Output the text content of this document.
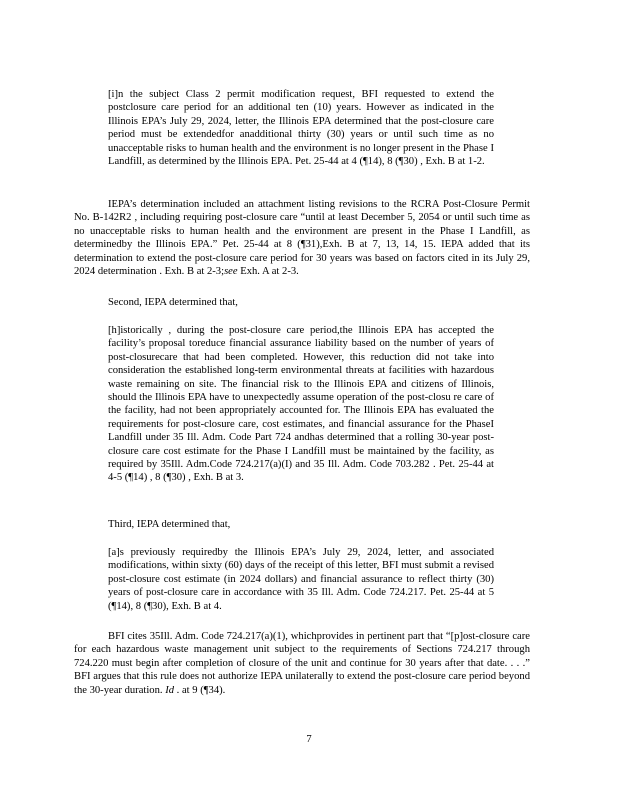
[i]n the subject Class 2 permit modification request, BFI requested to extend the postclosure care period for an additional ten (10) years. However as indicated in the Illinois EPA’s July 29, 2024, letter, the Illinois EPA determined that the post-closure care period must be extendedfor anadditional thirty (30) years or until such time as no unacceptable risks to human health and the environment is no longer present in the Phase I Landfill, as determined by the Illinois EPA. Pet. 25-44 at 4 (¶14), 8 (¶30) , Exh. B at 1-2.

IEPA’s determination included an attachment listing revisions to the RCRA Post-Closure Permit No. B-142R2 , including requiring post-closure care “until at least December 5, 2054 or until such time as no unacceptable risks to human health and the environment are present in the Phase I Landfill, as determinedby the Illinois EPA.” Pet. 25-44 at 8 (¶31),Exh. B at 7, 13, 14, 15. IEPA added that its determination to extend the post-closure care period for 30 years was based on factors cited in its July 29, 2024 determination . Exh. B at 2-3;see Exh. A at 2-3.

Second, IEPA determined that,

[h]istorically , during the post-closure care period,the Illinois EPA has accepted the facility’s proposal toreduce financial assurance liability based on the number of years of post-closurecare that had been completed. However, this reduction did not take into consideration the established long-term environmental threats at facilities with hazardous waste remaining on site. The financial risk to the Illinois EPA and citizens of Illinois, should the Illinois EPA have to unexpectedly assume operation of the post-closu re care of the facility, had not been appropriately accounted for. The Illinois EPA has evaluated the requirements for post-closure care, cost estimates, and financial assurance for the PhaseI Landfill under 35 Ill. Adm. Code Part 724 andhas determined that a rolling 30-year post-closure care cost estimate for the Phase I Landfill must be maintained by the facility, as required by 35Ill. Adm.Code 724.217(a)(I) and 35 Ill. Adm. Code 703.282 . Pet. 25-44 at 4-5 (¶14) , 8 (¶30) , Exh. B at 3.

Third, IEPA determined that,

[a]s previously requiredby the Illinois EPA’s July 29, 2024, letter, and associated modifications, within sixty (60) days of the receipt of this letter, BFI must submit a revised post-closure cost estimate (in 2024 dollars) and financial assurance to reflect thirty (30) years of post-closure care in accordance with 35 Ill. Adm. Code 724.217. Pet. 25-44 at 5 (¶14), 8 (¶30), Exh. B at 4.

BFI cites 35Ill. Adm. Code 724.217(a)(1), whichprovides in pertinent part that “[p]ost-closure care for each hazardous waste management unit subject to the requirements of Sections 724.217 through 724.220 must begin after completion of closure of the unit and continue for 30 years after that date. . . .” BFI argues that this rule does not authorize IEPA unilaterally to extend the post-closure care period beyond the 30-year duration. Id . at 9 (¶34).

7
